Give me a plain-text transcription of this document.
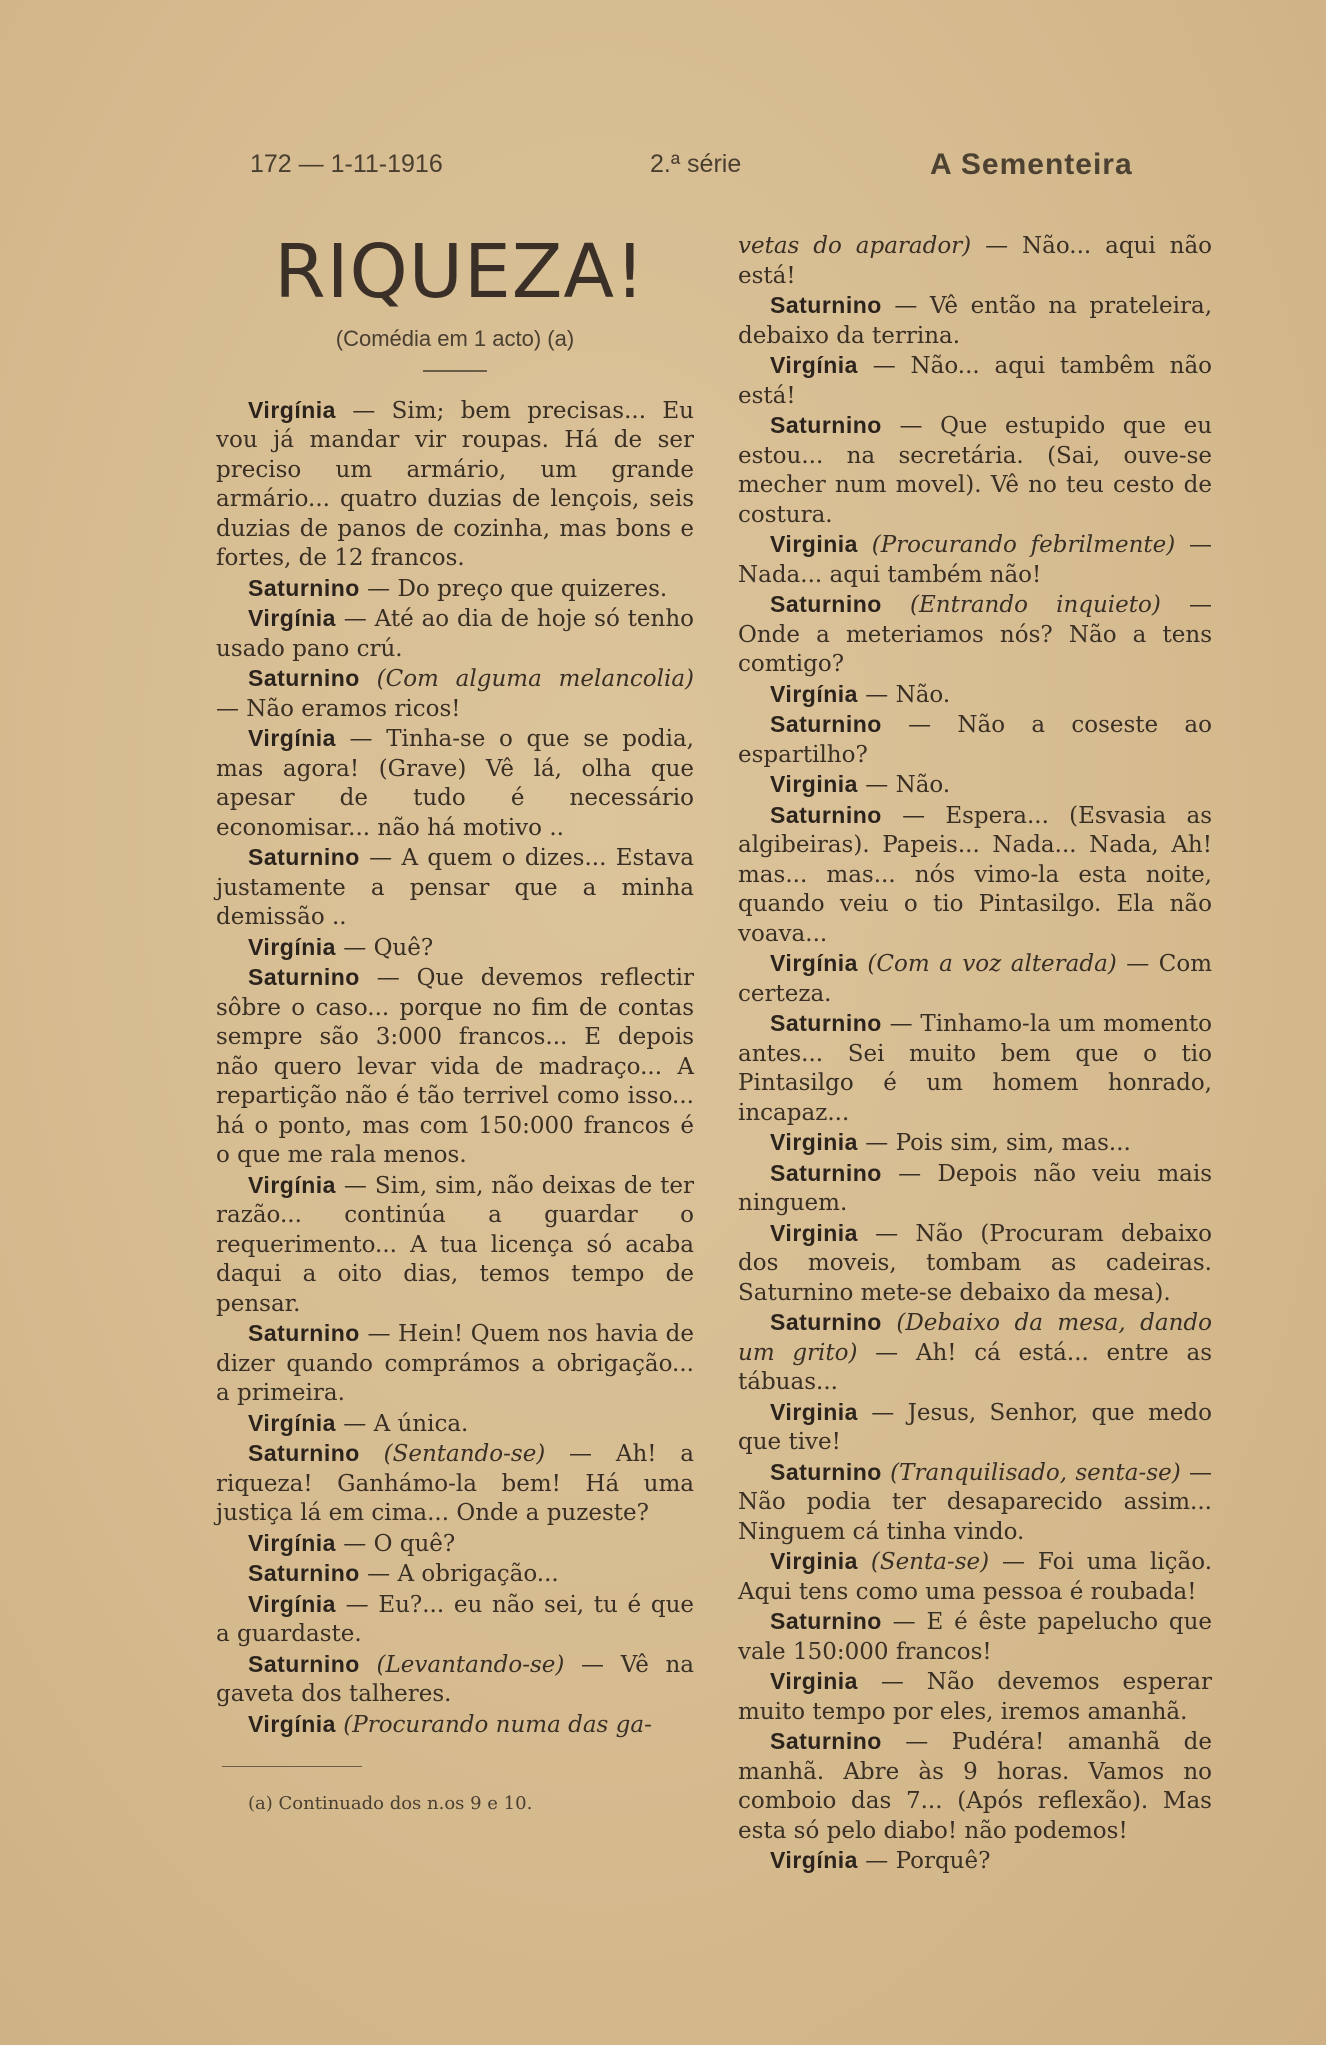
172 — 1-11-1916	2.ª série	A Sementeira
RIQUEZA!
(Comédia em 1 acto) (a)

Virgínia — Sim; bem precisas... Eu vou já mandar vir roupas. Há de ser preciso um armário, um grande armário... quatro duzias de lençois, seis duzias de panos de cozinha, mas bons e fortes, de 12 francos.

Saturnino — Do preço que quizeres.

Virgínia — Até ao dia de hoje só tenho usado pano crú.

Saturnino (Com alguma melancolia) — Não eramos ricos!

Virgínia — Tinha-se o que se podia, mas agora! (Grave) Vê lá, olha que apesar de tudo é necessário economisar... não há motivo ..

Saturnino — A quem o dizes... Estava justamente a pensar que a minha demissão ..

Virgínia — Quê?

Saturnino — Que devemos reflectir sôbre o caso... porque no fim de contas sempre são 3:000 francos... E depois não quero levar vida de madraço... A repartição não é tão terrivel como isso... há o ponto, mas com 150:000 francos é o que me rala menos.

Virgínia — Sim, sim, não deixas de ter razão... continúa a guardar o requerimento... A tua licença só acaba daqui a oito dias, temos tempo de pensar.

Saturnino — Hein! Quem nos havia de dizer quando comprámos a obrigação... a primeira.

Virgínia — A única.

Saturnino (Sentando-se) — Ah! a riqueza! Ganhámo-la bem! Há uma justiça lá em cima... Onde a puzeste?

Virgínia — O quê?

Saturnino — A obrigação...

Virgínia — Eu?... eu não sei, tu é que a guardaste.

Saturnino (Levantando-se) — Vê na gaveta dos talheres.

Virgínia (Procurando numa das ga-

(a) Continuado dos n.os 9 e 10.

vetas do aparador) — Não... aqui não está!

Saturnino — Vê então na prateleira, debaixo da terrina.

Virgínia — Não... aqui tambêm não está!

Saturnino — Que estupido que eu estou... na secretária. (Sai, ouve-se mecher num movel). Vê no teu cesto de costura.

Virginia (Procurando febrilmente) — Nada... aqui também não!

Saturnino (Entrando inquieto) — Onde a meteriamos nós? Não a tens comtigo?

Virgínia — Não.

Saturnino — Não a coseste ao espartilho?

Virginia — Não.

Saturnino — Espera... (Esvasia as algibeiras). Papeis... Nada... Nada, Ah! mas... mas... nós vimo-la esta noite, quando veiu o tio Pintasilgo. Ela não voava...

Virgínia (Com a voz alterada) — Com certeza.

Saturnino — Tinhamo-la um momento antes... Sei muito bem que o tio Pintasilgo é um homem honrado, incapaz...

Virginia — Pois sim, sim, mas...

Saturnino — Depois não veiu mais ninguem.

Virginia — Não (Procuram debaixo dos moveis, tombam as cadeiras. Saturnino mete-se debaixo da mesa).

Saturnino (Debaixo da mesa, dando um grito) — Ah! cá está... entre as tábuas...

Virginia — Jesus, Senhor, que medo que tive!

Saturnino (Tranquilisado, senta-se) — Não podia ter desaparecido assim... Ninguem cá tinha vindo.

Virginia (Senta-se) — Foi uma lição. Aqui tens como uma pessoa é roubada!

Saturnino — E é êste papelucho que vale 150:000 francos!

Virginia — Não devemos esperar muito tempo por eles, iremos amanhã.

Saturnino — Pudéra! amanhã de manhã. Abre às 9 horas. Vamos no comboio das 7... (Após reflexão). Mas esta só pelo diabo! não podemos!

Virgínia — Porquê?
